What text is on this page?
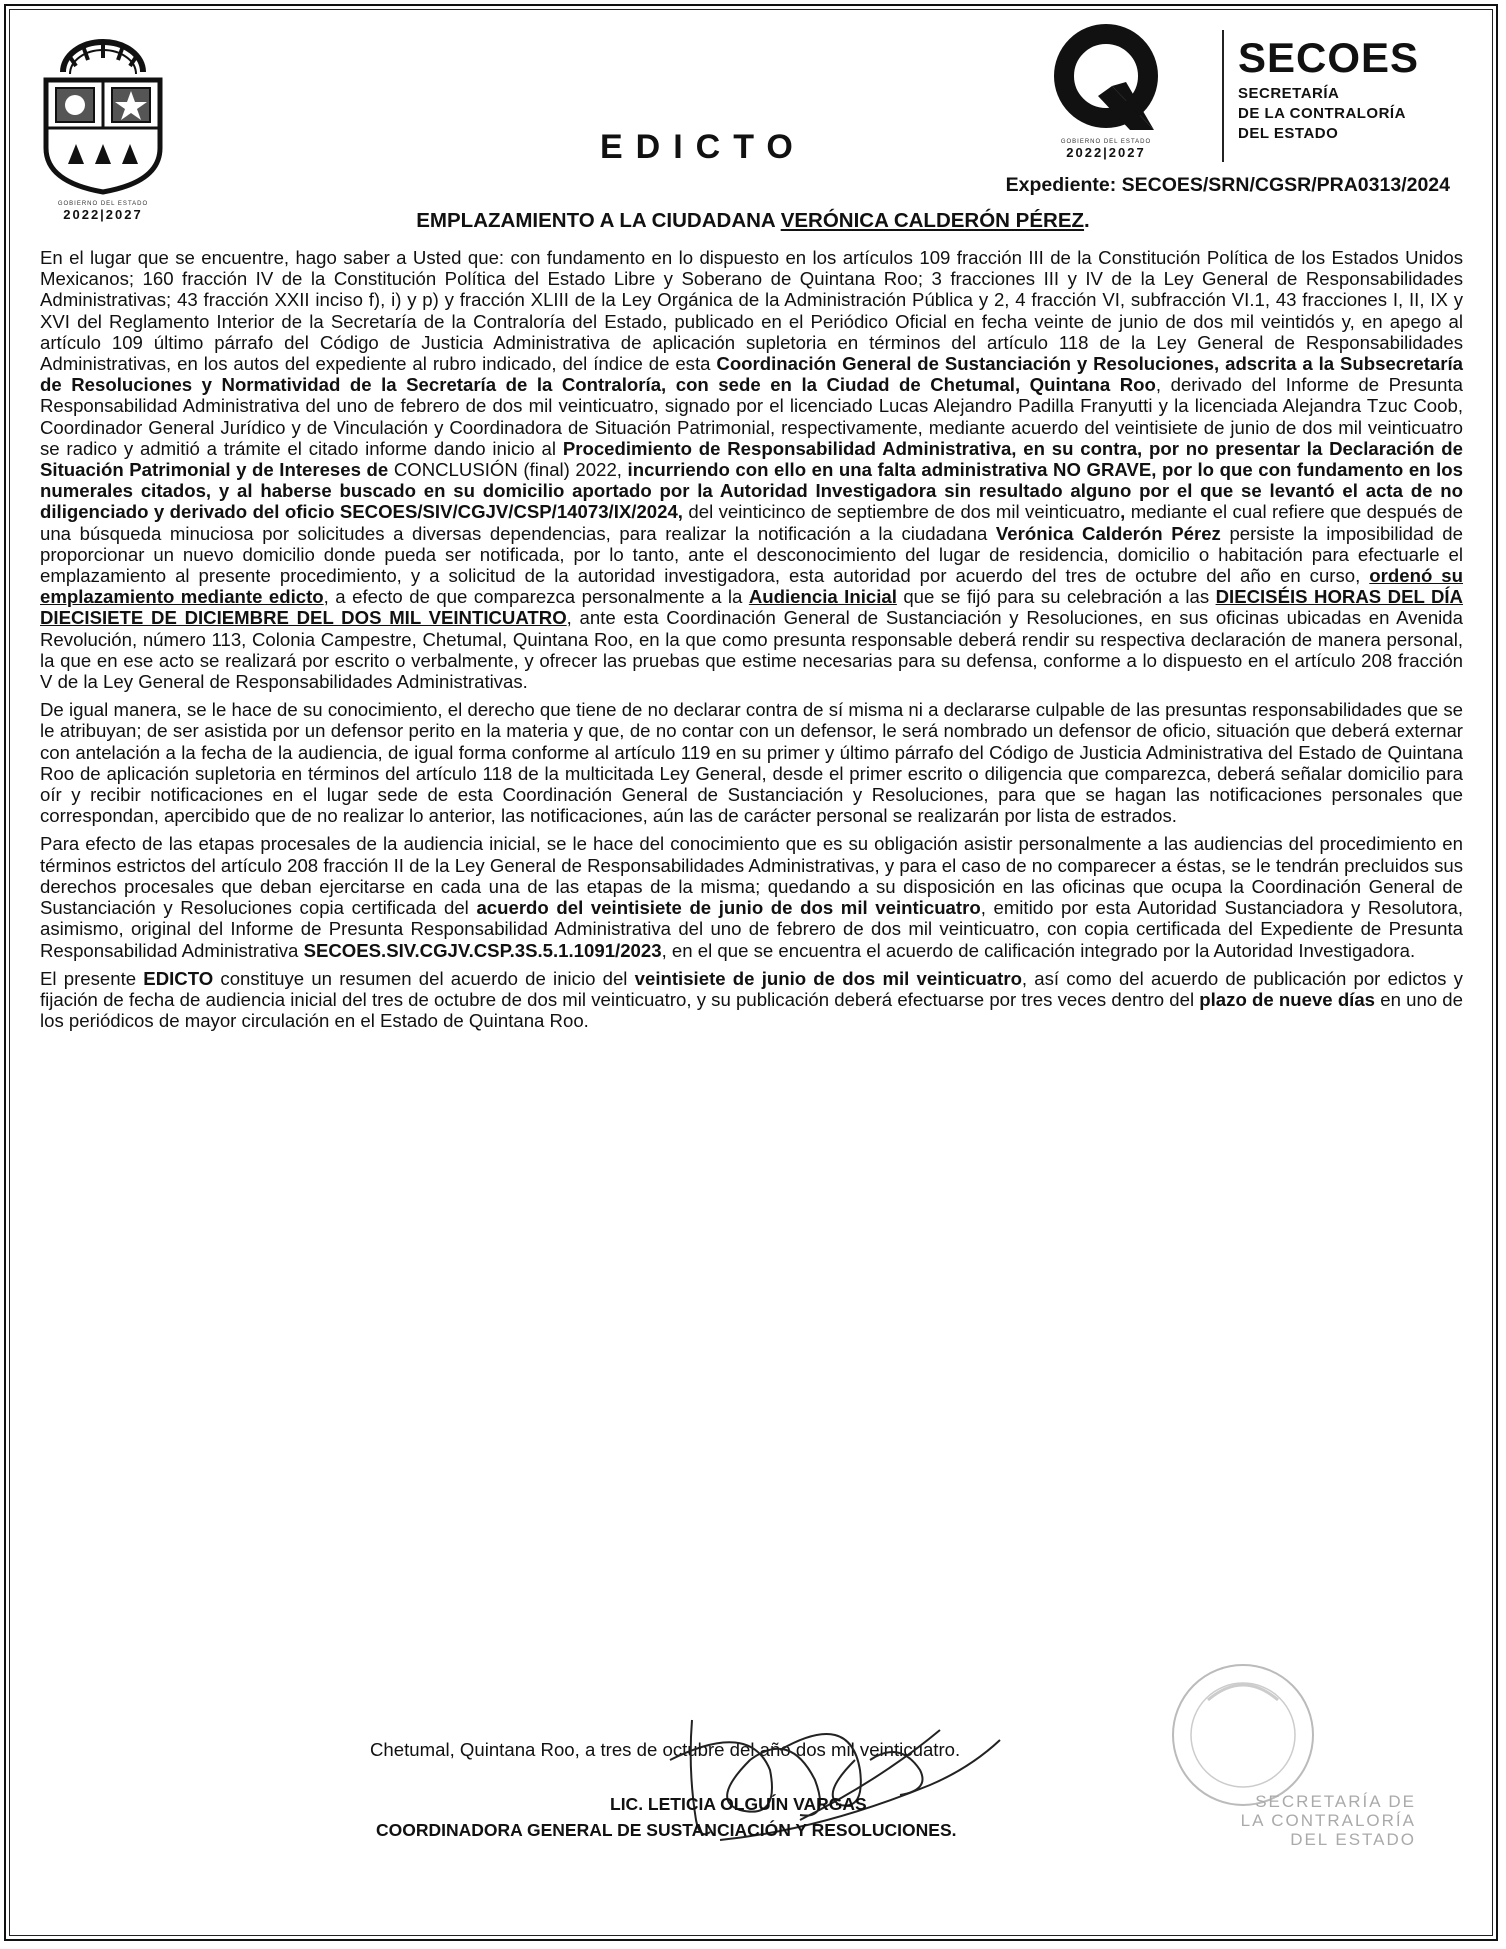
GOBIERNO DEL ESTADO
2022|2027
EDICTO	GOBIERNO DEL ESTADO
2022|2027
SECOES
SECRETARÍA
DE LA CONTRALORÍA
DEL ESTADO
Expediente: SECOES/SRN/CGSR/PRA0313/2024
EMPLAZAMIENTO A LA CIUDADANA VERÓNICA CALDERÓN PÉREZ.

En el lugar que se encuentre, hago saber a Usted que: con fundamento en lo dispuesto en los artículos 109 fracción III de la Constitución Política de los Estados Unidos Mexicanos; 160 fracción IV de la Constitución Política del Estado Libre y Soberano de Quintana Roo; 3 fracciones III y IV de la Ley General de Responsabilidades Administrativas; 43 fracción XXII inciso f), i) y p) y fracción XLIII de la Ley Orgánica de la Administración Pública y 2, 4 fracción VI, subfracción VI.1, 43 fracciones I, II, IX y XVI del Reglamento Interior de la Secretaría de la Contraloría del Estado, publicado en el Periódico Oficial en fecha veinte de junio de dos mil veintidós y, en apego al artículo 109 último párrafo del Código de Justicia Administrativa de aplicación supletoria en términos del artículo 118 de la Ley General de Responsabilidades Administrativas, en los autos del expediente al rubro indicado, del índice de esta Coordinación General de Sustanciación y Resoluciones, adscrita a la Subsecretaría de Resoluciones y Normatividad de la Secretaría de la Contraloría, con sede en la Ciudad de Chetumal, Quintana Roo, derivado del Informe de Presunta Responsabilidad Administrativa del uno de febrero de dos mil veinticuatro, signado por el licenciado Lucas Alejandro Padilla Franyutti y la licenciada Alejandra Tzuc Coob, Coordinador General Jurídico y de Vinculación y Coordinadora de Situación Patrimonial, respectivamente, mediante acuerdo del veintisiete de junio de dos mil veinticuatro se radico y admitió a trámite el citado informe dando inicio al Procedimiento de Responsabilidad Administrativa, en su contra, por no presentar la Declaración de Situación Patrimonial y de Intereses de CONCLUSIÓN (final) 2022, incurriendo con ello en una falta administrativa NO GRAVE, por lo que con fundamento en los numerales citados, y al haberse buscado en su domicilio aportado por la Autoridad Investigadora sin resultado alguno por el que se levantó el acta de no diligenciado y derivado del oficio SECOES/SIV/CGJV/CSP/14073/IX/2024, del veinticinco de septiembre de dos mil veinticuatro, mediante el cual refiere que después de una búsqueda minuciosa por solicitudes a diversas dependencias, para realizar la notificación a la ciudadana Verónica Calderón Pérez persiste la imposibilidad de proporcionar un nuevo domicilio donde pueda ser notificada, por lo tanto, ante el desconocimiento del lugar de residencia, domicilio o habitación para efectuarle el emplazamiento al presente procedimiento, y a solicitud de la autoridad investigadora, esta autoridad por acuerdo del tres de octubre del año en curso, ordenó su emplazamiento mediante edicto, a efecto de que comparezca personalmente a la Audiencia Inicial que se fijó para su celebración a las DIECISÉIS HORAS DEL DÍA DIECISIETE DE DICIEMBRE DEL DOS MIL VEINTICUATRO, ante esta Coordinación General de Sustanciación y Resoluciones, en sus oficinas ubicadas en Avenida Revolución, número 113, Colonia Campestre, Chetumal, Quintana Roo, en la que como presunta responsable deberá rendir su respectiva declaración de manera personal, la que en ese acto se realizará por escrito o verbalmente, y ofrecer las pruebas que estime necesarias para su defensa, conforme a lo dispuesto en el artículo 208 fracción V de la Ley General de Responsabilidades Administrativas.

De igual manera, se le hace de su conocimiento, el derecho que tiene de no declarar contra de sí misma ni a declararse culpable de las presuntas responsabilidades que se le atribuyan; de ser asistida por un defensor perito en la materia y que, de no contar con un defensor, le será nombrado un defensor de oficio, situación que deberá externar con antelación a la fecha de la audiencia, de igual forma conforme al artículo 119 en su primer y último párrafo del Código de Justicia Administrativa del Estado de Quintana Roo de aplicación supletoria en términos del artículo 118 de la multicitada Ley General, desde el primer escrito o diligencia que comparezca, deberá señalar domicilio para oír y recibir notificaciones en el lugar sede de esta Coordinación General de Sustanciación y Resoluciones, para que se hagan las notificaciones personales que correspondan, apercibido que de no realizar lo anterior, las notificaciones, aún las de carácter personal se realizarán por lista de estrados.

Para efecto de las etapas procesales de la audiencia inicial, se le hace del conocimiento que es su obligación asistir personalmente a las audiencias del procedimiento en términos estrictos del artículo 208 fracción II de la Ley General de Responsabilidades Administrativas, y para el caso de no comparecer a éstas, se le tendrán precluidos sus derechos procesales que deban ejercitarse en cada una de las etapas de la misma; quedando a su disposición en las oficinas que ocupa la Coordinación General de Sustanciación y Resoluciones copia certificada del acuerdo del veintisiete de junio de dos mil veinticuatro, emitido por esta Autoridad Sustanciadora y Resolutora, asimismo, original del Informe de Presunta Responsabilidad Administrativa del uno de febrero de dos mil veinticuatro, con copia certificada del Expediente de Presunta Responsabilidad Administrativa SECOES.SIV.CGJV.CSP.3S.5.1.1091/2023, en el que se encuentra el acuerdo de calificación integrado por la Autoridad Investigadora.

El presente EDICTO constituye un resumen del acuerdo de inicio del veintisiete de junio de dos mil veinticuatro, así como del acuerdo de publicación por edictos y fijación de fecha de audiencia inicial del tres de octubre de dos mil veinticuatro, y su publicación deberá efectuarse por tres veces dentro del plazo de nueve días en uno de los periódicos de mayor circulación en el Estado de Quintana Roo.

SECRETARÍA DE
LA CONTRALORÍA
DEL ESTADO
Chetumal, Quintana Roo, a tres de octubre del año dos mil veinticuatro.
LIC. LETICIA OLGUÍN VARGAS
COORDINADORA GENERAL DE SUSTANCIACIÓN Y RESOLUCIONES.
